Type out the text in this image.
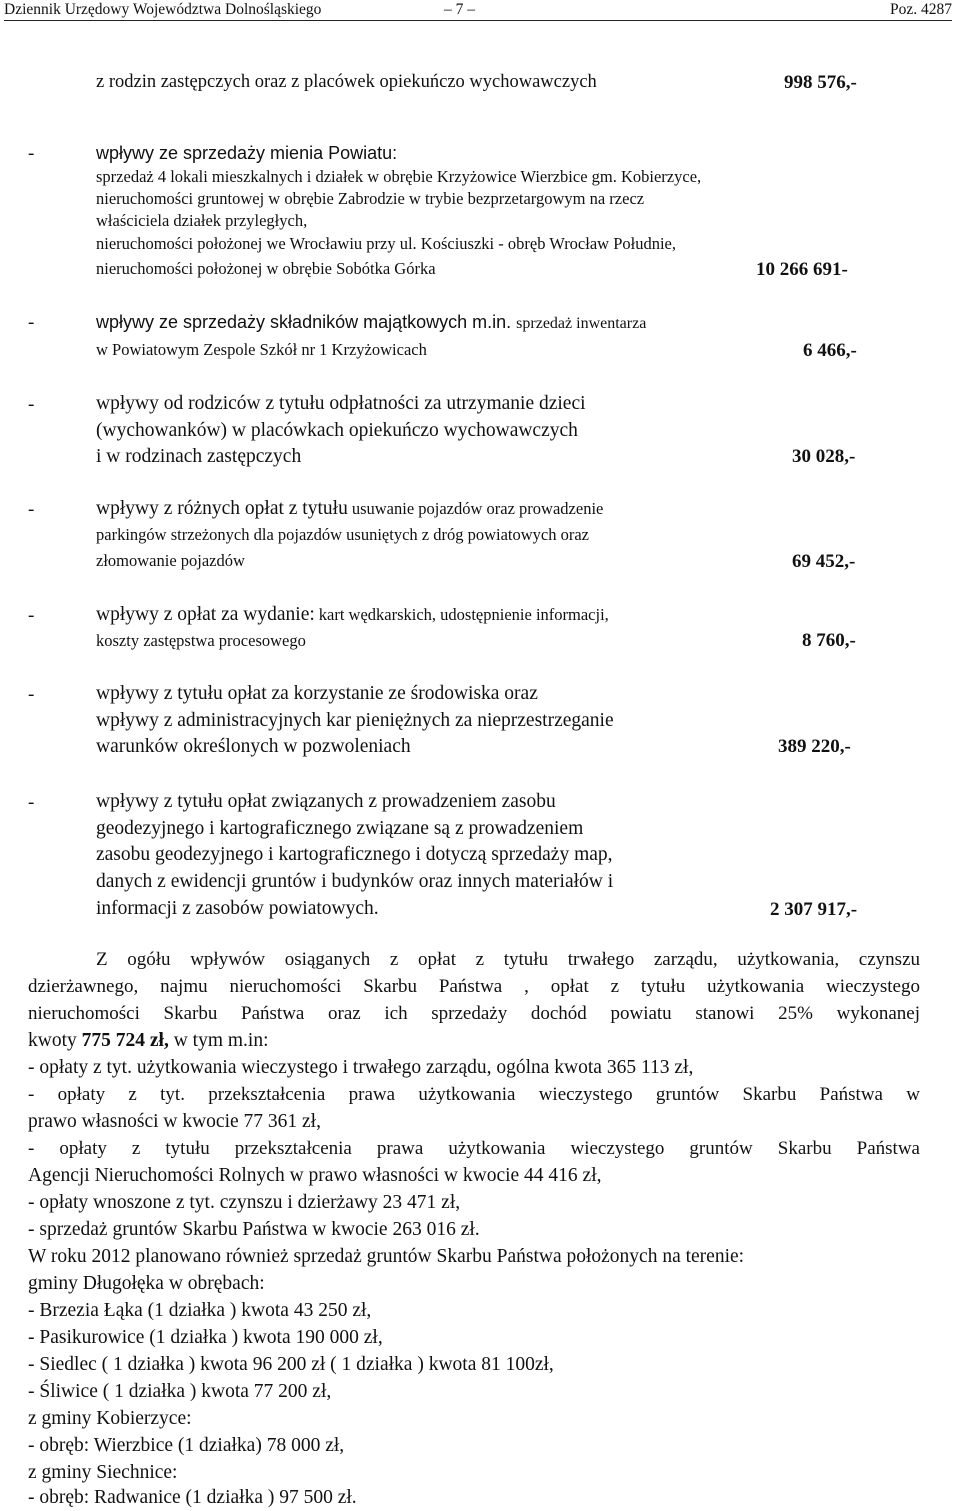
Dziennik Urzędowy Województwa Dolnośląskiego	– 7 –	Poz. 4287
z rodzin zastępczych oraz z placówek opiekuńczo wychowawczych	998 576,-
-	wpływy ze sprzedaży mienia Powiatu:
sprzedaż 4 lokali mieszkalnych i działek w obrębie Krzyżowice Wierzbice gm. Kobierzyce,
nieruchomości gruntowej w obrębie Zabrodzie w trybie bezprzetargowym na rzecz
właściciela działek przyległych,
nieruchomości położonej we Wrocławiu przy ul. Kościuszki - obręb Wrocław Południe,
nieruchomości położonej w obrębie Sobótka Górka	10 266 691-
-	wpływy ze sprzedaży składników majątkowych m.in. sprzedaż inwentarza
w Powiatowym Zespole Szkół nr 1 Krzyżowicach	6 466,-
-	wpływy od rodziców z tytułu odpłatności za utrzymanie dzieci
(wychowanków) w placówkach opiekuńczo wychowawczych
i w rodzinach zastępczych	30 028,-
-	wpływy z różnych opłat z tytułu usuwanie pojazdów oraz prowadzenie
parkingów strzeżonych dla pojazdów usuniętych z dróg powiatowych oraz
złomowanie pojazdów	69 452,-
-	wpływy z opłat za wydanie: kart wędkarskich, udostępnienie informacji,
koszty zastępstwa procesowego	8 760,-
-	wpływy z tytułu opłat za korzystanie ze środowiska oraz
wpływy z administracyjnych kar pieniężnych za nieprzestrzeganie
warunków określonych w pozwoleniach	389 220,-
-	wpływy z tytułu opłat związanych z prowadzeniem zasobu
geodezyjnego i kartograficznego związane są z prowadzeniem
zasobu geodezyjnego i kartograficznego i dotyczą sprzedaży map,
danych z ewidencji gruntów i budynków oraz innych materiałów i
informacji z zasobów powiatowych.	2 307 917,-
Z ogółu wpływów osiąganych z opłat z tytułu trwałego zarządu, użytkowania, czynszu
dzierżawnego, najmu nieruchomości Skarbu Państwa , opłat z tytułu użytkowania wieczystego
nieruchomości Skarbu Państwa oraz ich sprzedaży dochód powiatu stanowi 25% wykonanej
kwoty 775 724 zł, w tym m.in:
- opłaty z tyt. użytkowania wieczystego i trwałego zarządu, ogólna kwota 365 113 zł,
- opłaty z tyt. przekształcenia prawa użytkowania wieczystego gruntów Skarbu Państwa w
prawo własności w kwocie 77 361 zł,
- opłaty z tytułu przekształcenia prawa użytkowania wieczystego gruntów Skarbu Państwa
Agencji Nieruchomości Rolnych w prawo własności w kwocie 44 416 zł,
- opłaty wnoszone z tyt. czynszu i dzierżawy 23 471 zł,
- sprzedaż gruntów Skarbu Państwa w kwocie 263 016 zł.
W roku 2012 planowano również sprzedaż gruntów Skarbu Państwa położonych na terenie:
gminy Długołęka w obrębach:
- Brzezia Łąka (1 działka ) kwota 43 250 zł,
- Pasikurowice (1 działka ) kwota 190 000 zł,
- Siedlec ( 1 działka ) kwota 96 200 zł ( 1 działka ) kwota 81 100zł,
- Śliwice ( 1 działka ) kwota 77 200 zł,
z gminy Kobierzyce:
- obręb: Wierzbice (1 działka) 78 000 zł,
z gminy Siechnice:
- obręb: Radwanice (1 działka ) 97 500 zł.
